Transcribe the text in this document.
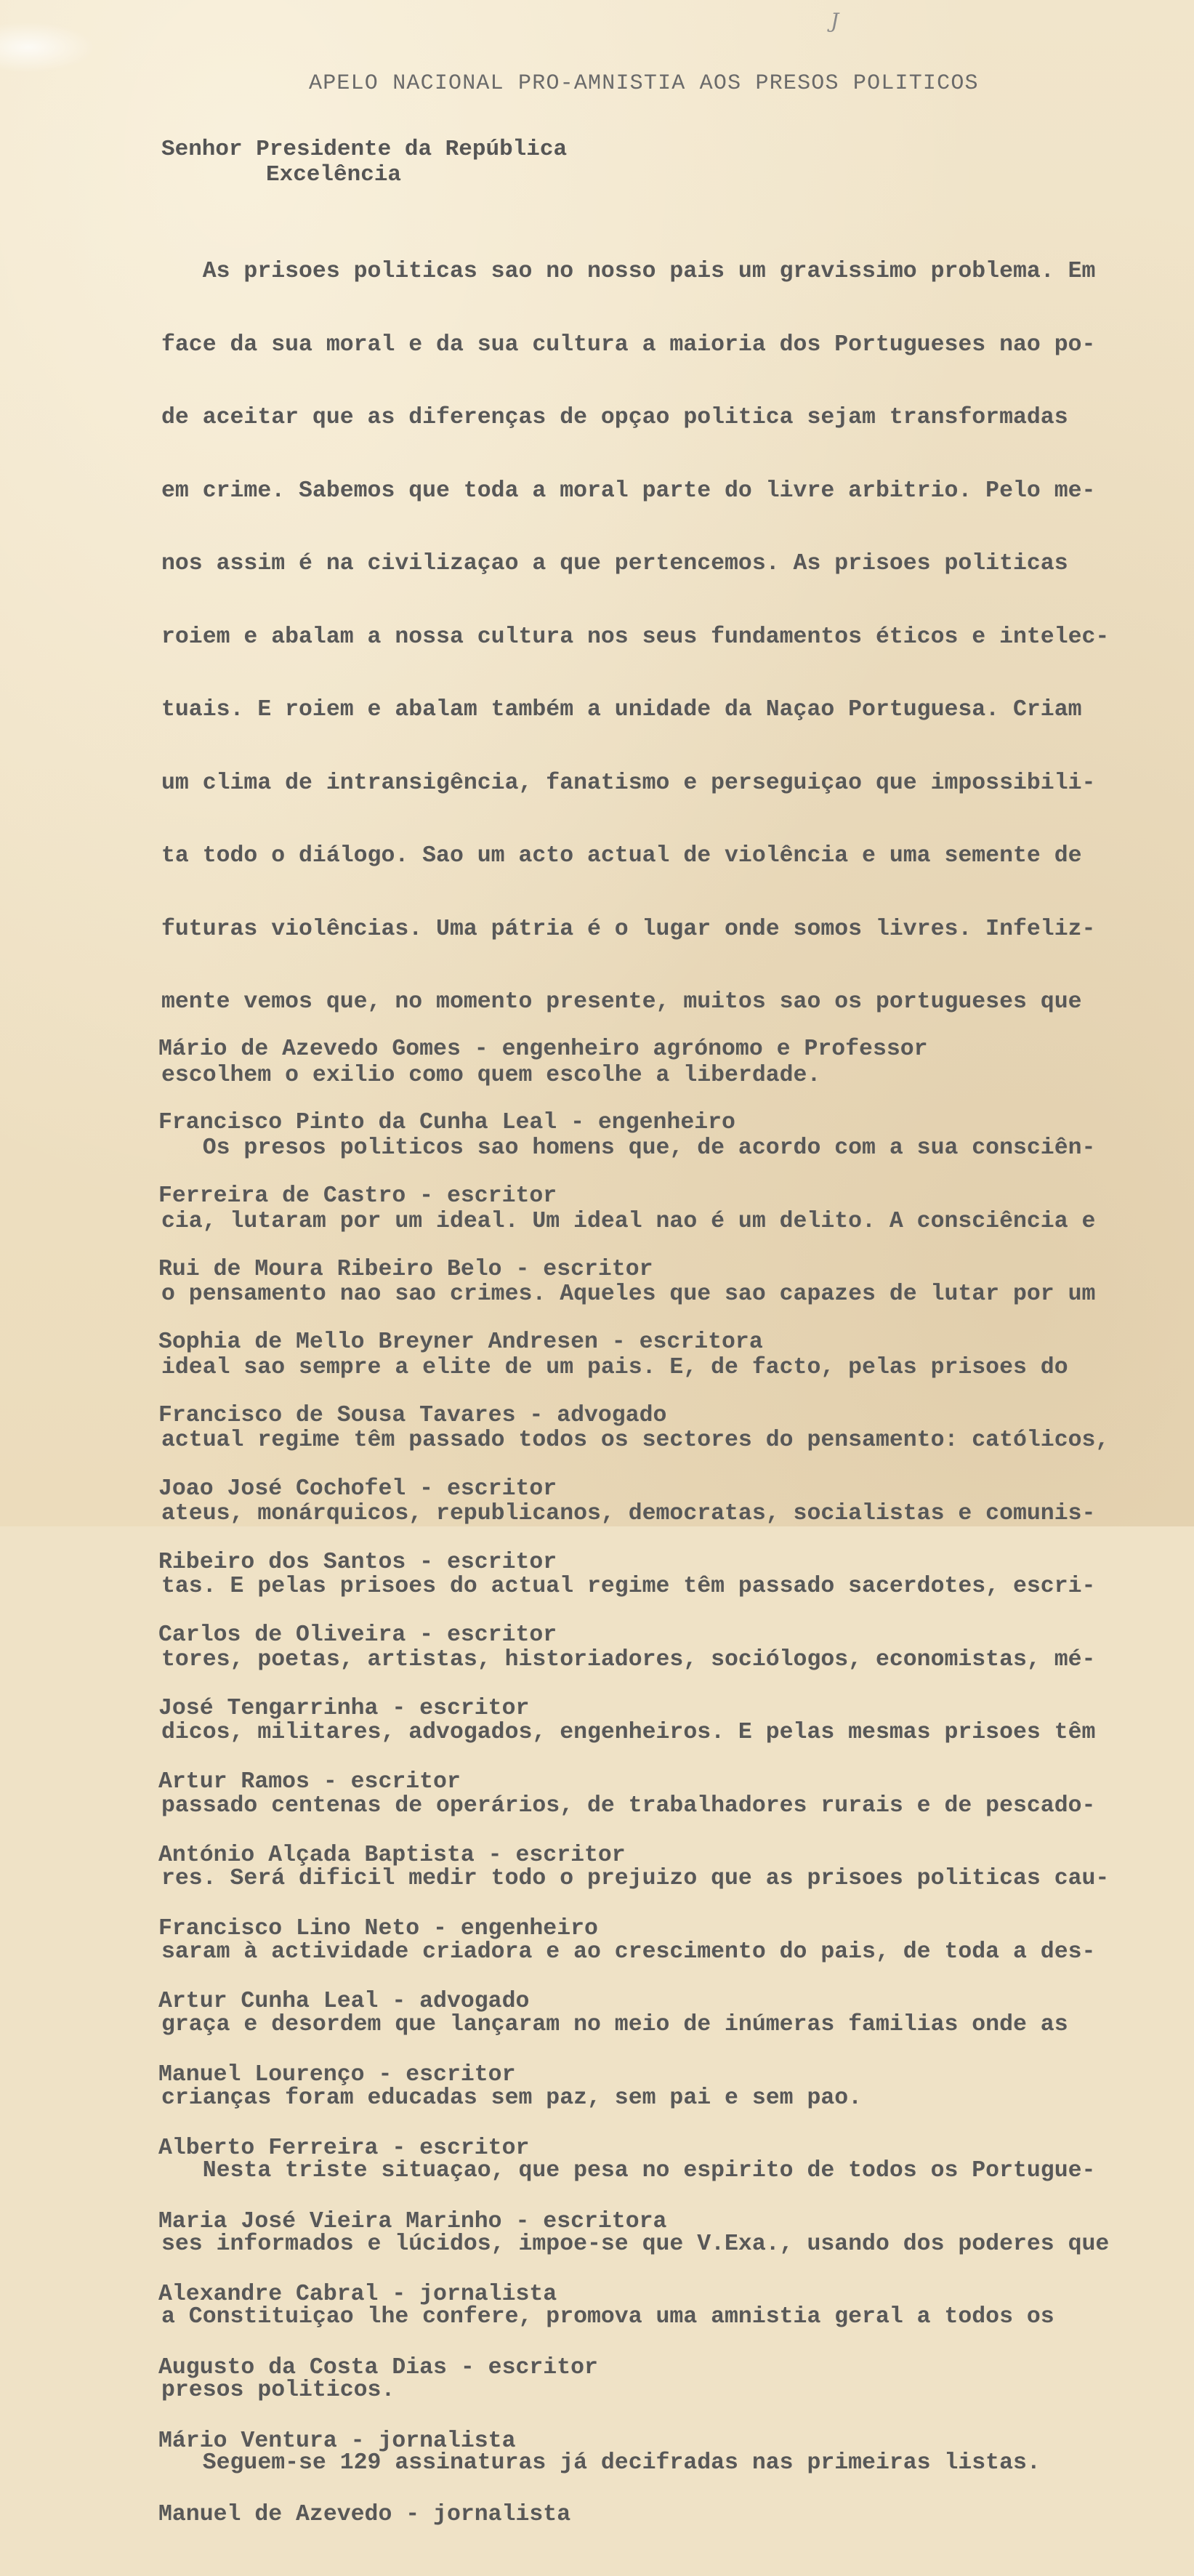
J
APELO NACIONAL PRO-AMNISTIA AOS PRESOS POLITICOS
Senhor Presidente da República
Excelência

As prisoes politicas sao no nosso pais um gravissimo problema. Em

face da sua moral e da sua cultura a maioria dos Portugueses nao po-

de aceitar que as diferenças de opçao politica sejam transformadas

em crime. Sabemos que toda a moral parte do livre arbitrio. Pelo me-

nos assim é na civilizaçao a que pertencemos. As prisoes politicas

roiem e abalam a nossa cultura nos seus fundamentos éticos e intelec-

tuais. E roiem e abalam também a unidade da Naçao Portuguesa. Criam

um clima de intransigência, fanatismo e perseguiçao que impossibili-

ta todo o diálogo. Sao um acto actual de violência e uma semente de

futuras violências. Uma pátria é o lugar onde somos livres. Infeliz-

mente vemos que, no momento presente, muitos sao os portugueses que

escolhem o exilio como quem escolhe a liberdade.

Os presos politicos sao homens que, de acordo com a sua consciên-

cia, lutaram por um ideal. Um ideal nao é um delito. A consciência e

o pensamento nao sao crimes. Aqueles que sao capazes de lutar por um

ideal sao sempre a elite de um pais. E, de facto, pelas prisoes do

actual regime têm passado todos os sectores do pensamento: católicos,

ateus, monárquicos, republicanos, democratas, socialistas e comunis-

tas. E pelas prisoes do actual regime têm passado sacerdotes, escri-

tores, poetas, artistas, historiadores, sociólogos, economistas, mé-

dicos, militares, advogados, engenheiros. E pelas mesmas prisoes têm

passado centenas de operários, de trabalhadores rurais e de pescado-

res. Será dificil medir todo o prejuizo que as prisoes politicas cau-

saram à actividade criadora e ao crescimento do pais, de toda a des-

graça e desordem que lançaram no meio de inúmeras familias onde as

crianças foram educadas sem paz, sem pai e sem pao.

Nesta triste situaçao, que pesa no espirito de todos os Portugue-

ses informados e lúcidos, impoe-se que V.Exa., usando dos poderes que

a Constituiçao lhe confere, promova uma amnistia geral a todos os

presos politicos.

Seguem-se 129 assinaturas já decifradas nas primeiras listas.

Mário de Azevedo Gomes - engenheiro agrónomo e Professor

Francisco Pinto da Cunha Leal - engenheiro

Ferreira de Castro - escritor

Rui de Moura Ribeiro Belo - escritor

Sophia de Mello Breyner Andresen - escritora

Francisco de Sousa Tavares - advogado

Joao José Cochofel - escritor

Ribeiro dos Santos - escritor

Carlos de Oliveira - escritor

José Tengarrinha - escritor

Artur Ramos - escritor

António Alçada Baptista - escritor

Francisco Lino Neto - engenheiro

Artur Cunha Leal - advogado

Manuel Lourenço - escritor

Alberto Ferreira - escritor

Maria José Vieira Marinho - escritora

Alexandre Cabral - jornalista

Augusto da Costa Dias - escritor

Mário Ventura - jornalista

Manuel de Azevedo - jornalista
